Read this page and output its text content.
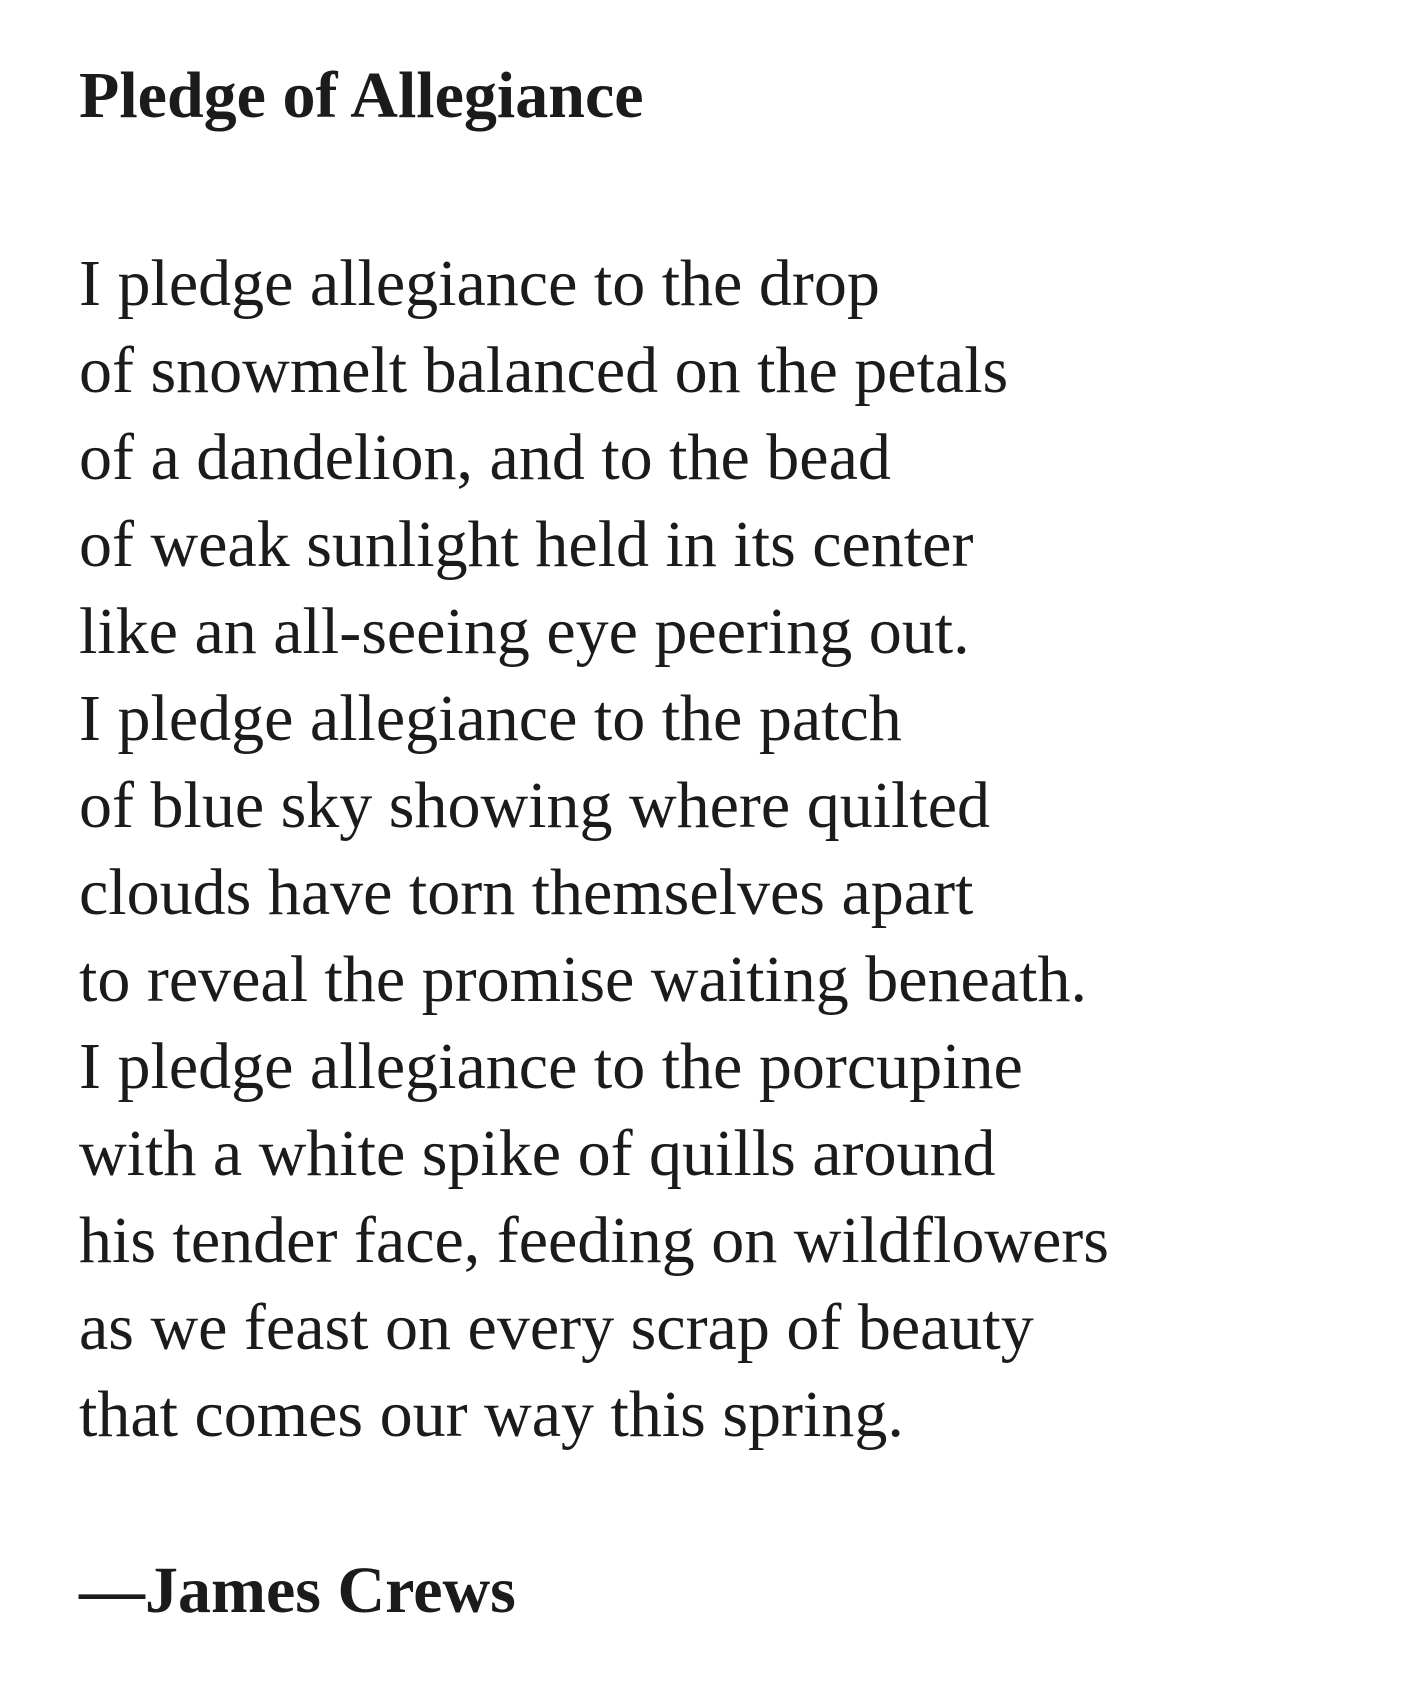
Pledge of Allegiance
I pledge allegiance to the drop
of snowmelt balanced on the petals
of a dandelion, and to the bead
of weak sunlight held in its center
like an all-seeing eye peering out.
I pledge allegiance to the patch
of blue sky showing where quilted
clouds have torn themselves apart
to reveal the promise waiting beneath.
I pledge allegiance to the porcupine
with a white spike of quills around
his tender face, feeding on wildflowers
as we feast on every scrap of beauty
that comes our way this spring.
—James Crews
